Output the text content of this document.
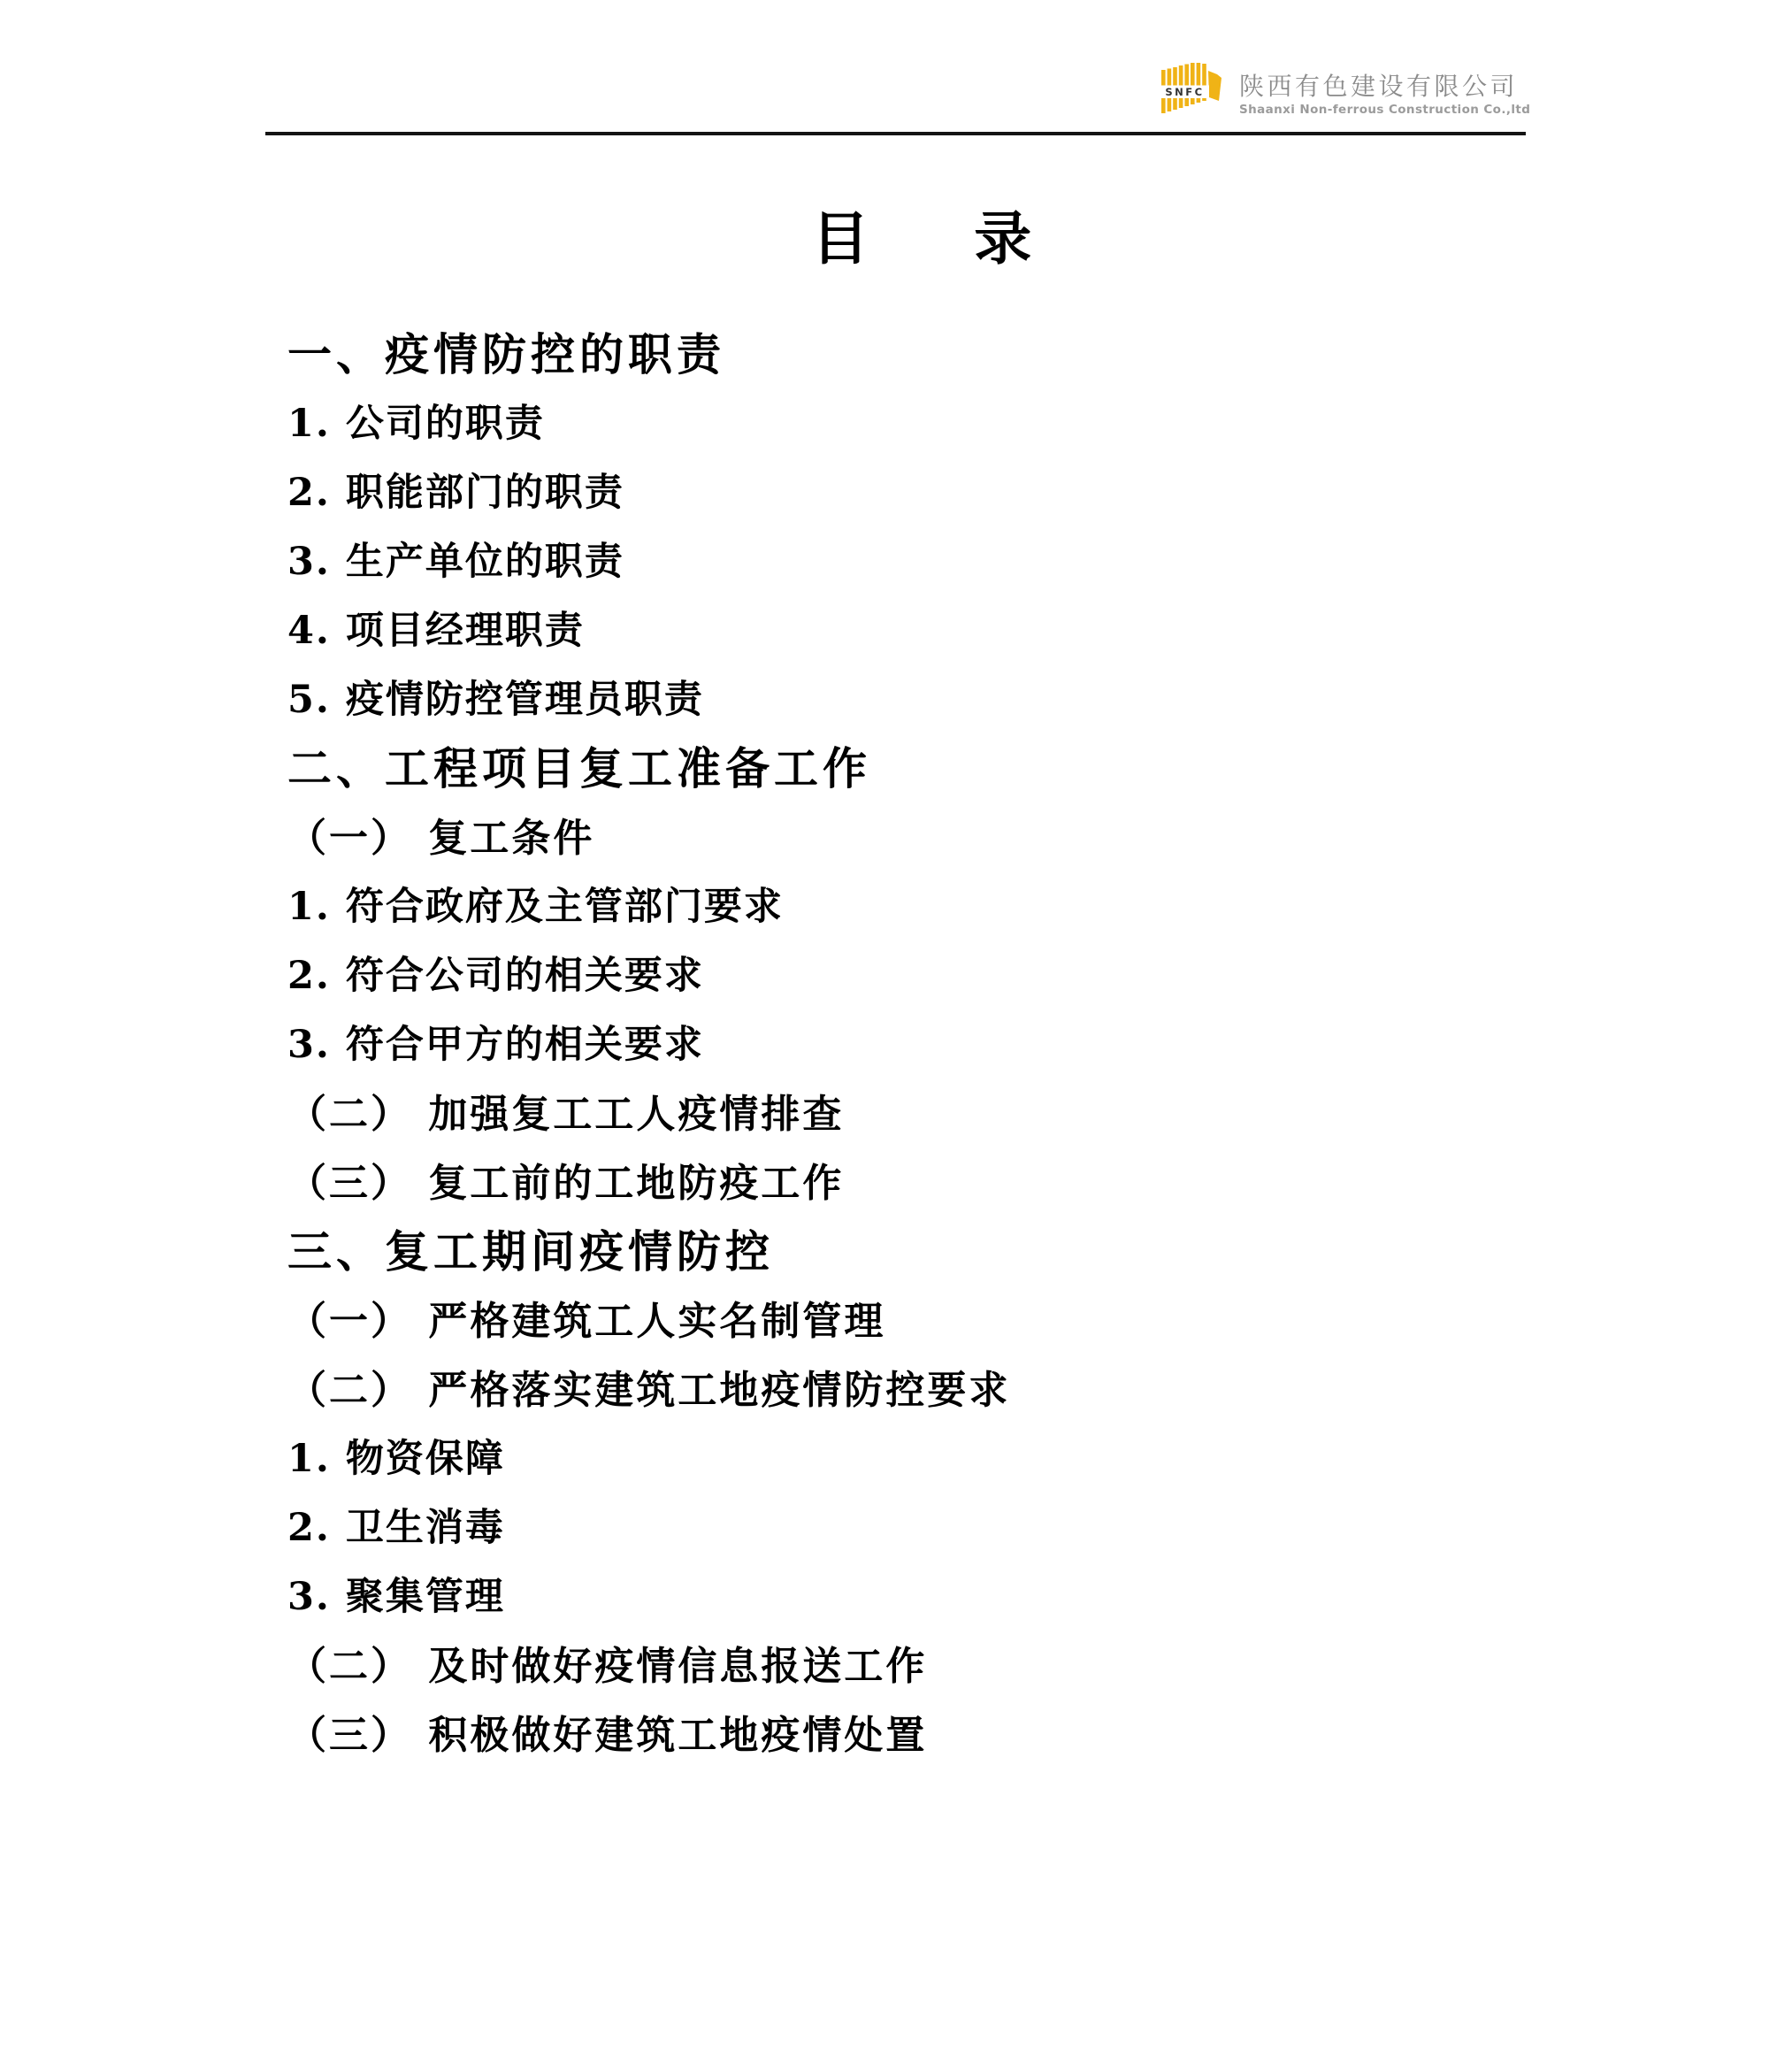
SNFC 陕西有色建设有限公司
Shaanxi Non-ferrous Construction Co.,ltd
目 录
一、疫情防控的职责
1. 公司的职责
2. 职能部门的职责
3. 生产单位的职责
4. 项目经理职责
5. 疫情防控管理员职责
二、工程项目复工准备工作
（一） 复工条件
1. 符合政府及主管部门要求
2. 符合公司的相关要求
3. 符合甲方的相关要求
（二） 加强复工工人疫情排查
（三） 复工前的工地防疫工作
三、复工期间疫情防控
（一） 严格建筑工人实名制管理
（二） 严格落实建筑工地疫情防控要求
1. 物资保障
2. 卫生消毒
3. 聚集管理
（二） 及时做好疫情信息报送工作
（三） 积极做好建筑工地疫情处置
